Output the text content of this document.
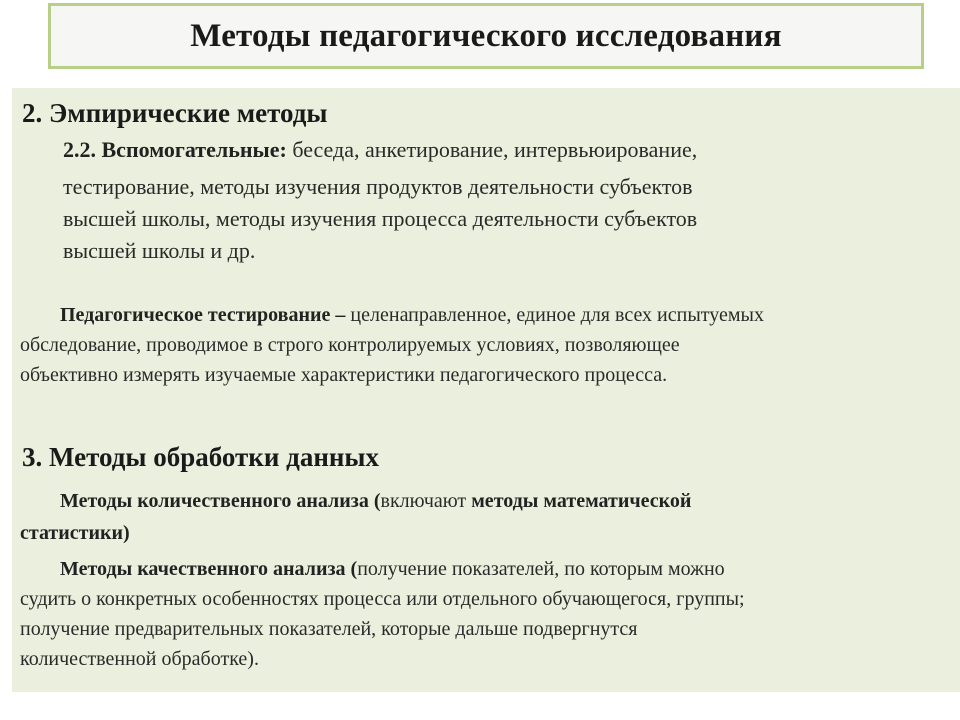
Методы педагогического исследования
2. Эмпирические методы
2.2. Вспомогательные: беседа, анкетирование, интервьюирование,
тестирование, методы изучения продуктов деятельности субъектов
высшей школы, методы изучения процесса деятельности субъектов
высшей школы и др.
Педагогическое тестирование – целенаправленное, единое для всех испытуемых
обследование, проводимое в строго контролируемых условиях, позволяющее
объективно измерять изучаемые характеристики педагогического процесса.
3. Методы обработки данных
Методы количественного анализа (включают методы математической
статистики)
Методы качественного анализа (получение показателей, по которым можно
судить о конкретных особенностях процесса или отдельного обучающегося, группы;
получение предварительных показателей, которые дальше подвергнутся
количественной обработке).
